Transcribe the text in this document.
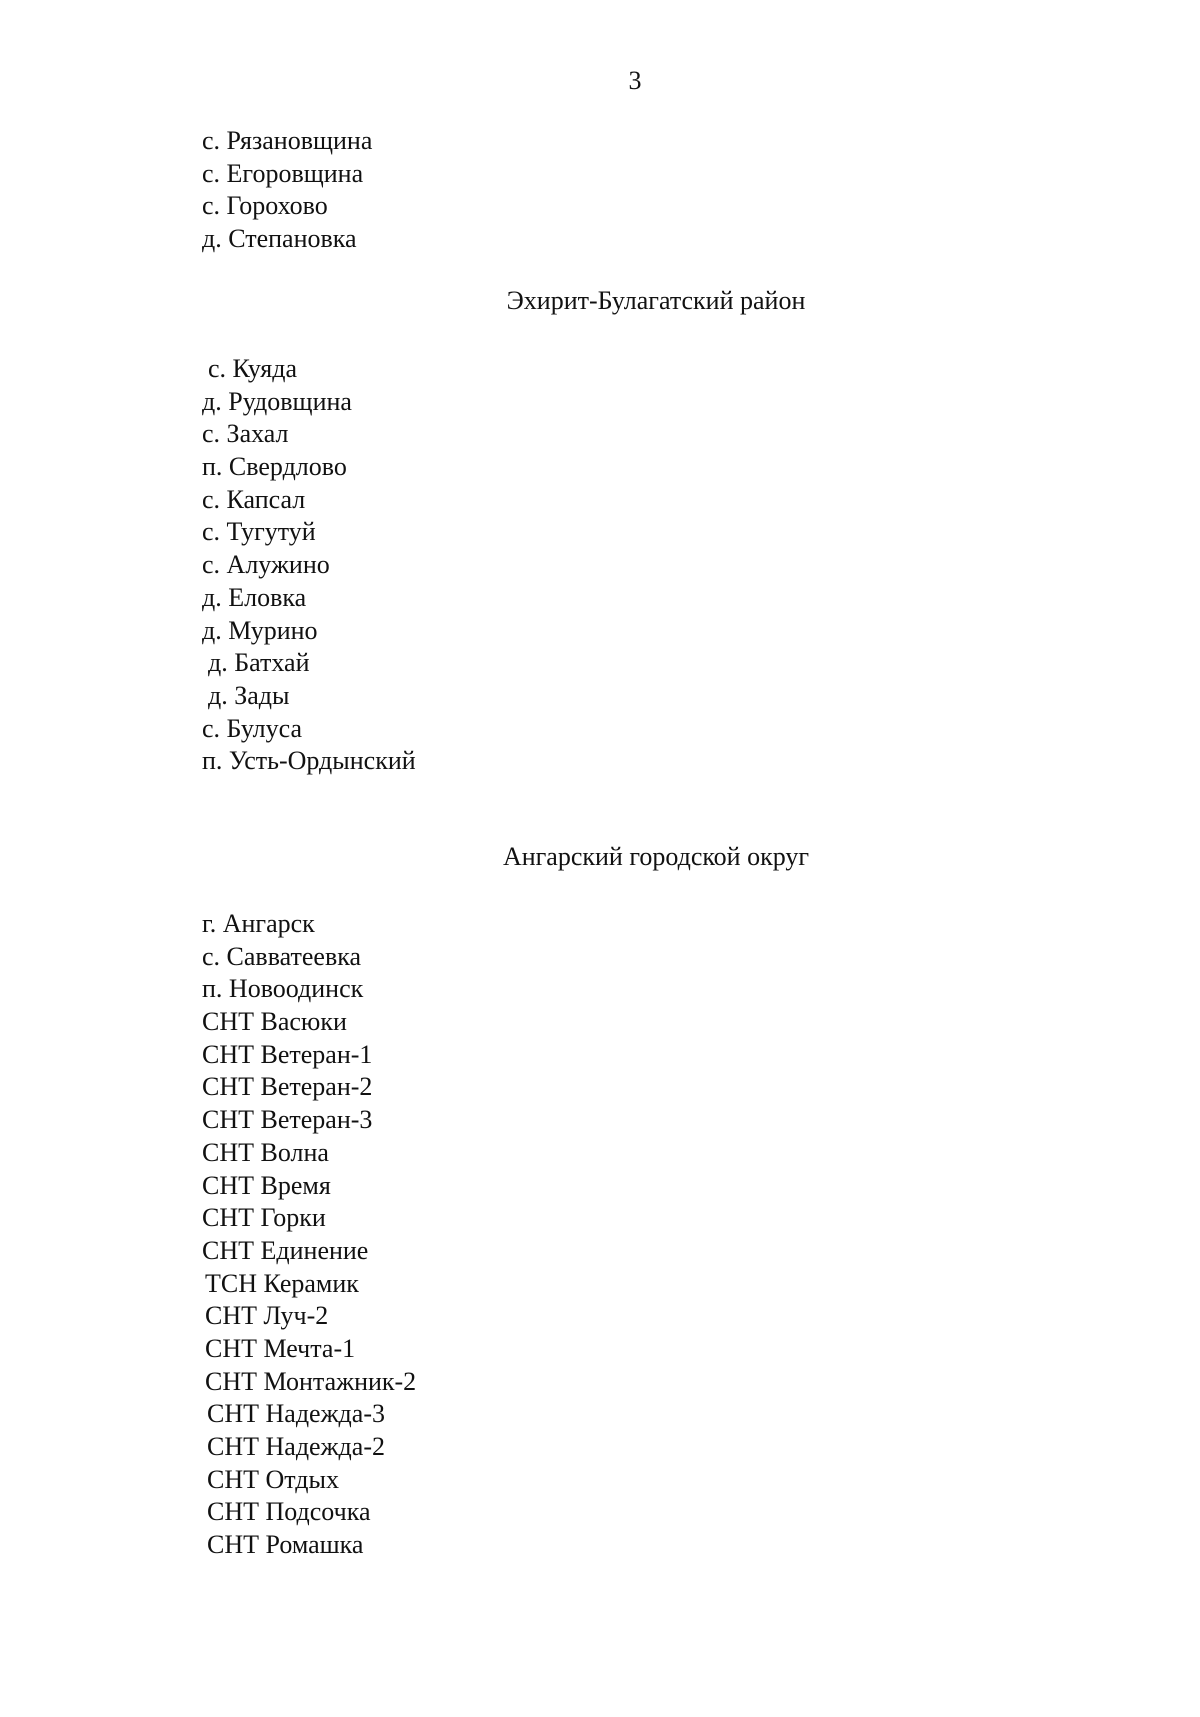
3
с. Рязановщина
с. Егоровщина
с. Горохово
д. Степановка
Эхирит-Булагатский район
с. Куяда
д. Рудовщина
с. Захал
п. Свердлово
с. Капсал
с. Тугутуй
с. Алужино
д. Еловка
д. Мурино
д. Батхай
д. Зады
с. Булуса
п. Усть-Ордынский
Ангарский городской округ
г. Ангарск
с. Савватеевка
п. Новоодинск
СНТ Васюки
СНТ Ветеран-1
СНТ Ветеран-2
СНТ Ветеран-3
СНТ Волна
СНТ Время
СНТ Горки
СНТ Единение
ТСН Керамик
СНТ Луч-2
СНТ Мечта-1
СНТ Монтажник-2
СНТ Надежда-3
СНТ Надежда-2
СНТ Отдых
СНТ Подсочка
СНТ Ромашка
